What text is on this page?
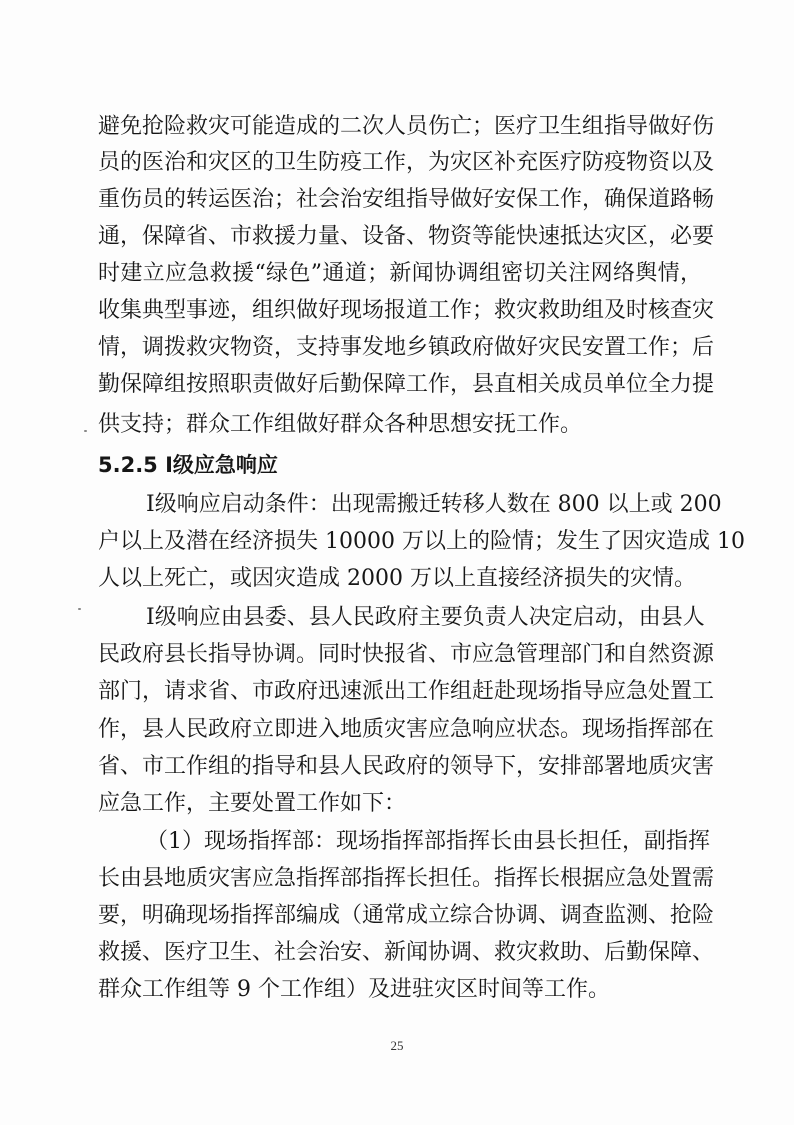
避免抢险救灾可能造成的二次人员伤亡；医疗卫生组指导做好伤
员的医治和灾区的卫生防疫工作，为灾区补充医疗防疫物资以及
重伤员的转运医治；社会治安组指导做好安保工作，确保道路畅
通，保障省、市救援力量、设备、物资等能快速抵达灾区，必要
时建立应急救援“绿色”通道；新闻协调组密切关注网络舆情，
收集典型事迹，组织做好现场报道工作；救灾救助组及时核查灾
情，调拨救灾物资，支持事发地乡镇政府做好灾民安置工作；后
勤保障组按照职责做好后勤保障工作，县直相关成员单位全力提
供支持；群众工作组做好群众各种思想安抚工作。
5.2.5 Ⅰ级应急响应
Ⅰ级响应启动条件：出现需搬迁转移人数在 800 以上或 200
户以上及潜在经济损失 10000 万以上的险情；发生了因灾造成 10
人以上死亡，或因灾造成 2000 万以上直接经济损失的灾情。
Ⅰ级响应由县委、县人民政府主要负责人决定启动，由县人
民政府县长指导协调。同时快报省、市应急管理部门和自然资源
部门，请求省、市政府迅速派出工作组赶赴现场指导应急处置工
作，县人民政府立即进入地质灾害应急响应状态。现场指挥部在
省、市工作组的指导和县人民政府的领导下，安排部署地质灾害
应急工作，主要处置工作如下：
（1）现场指挥部：现场指挥部指挥长由县长担任，副指挥
长由县地质灾害应急指挥部指挥长担任。指挥长根据应急处置需
要，明确现场指挥部编成（通常成立综合协调、调查监测、抢险
救援、医疗卫生、社会治安、新闻协调、救灾救助、后勤保障、
群众工作组等 9 个工作组）及进驻灾区时间等工作。
25
